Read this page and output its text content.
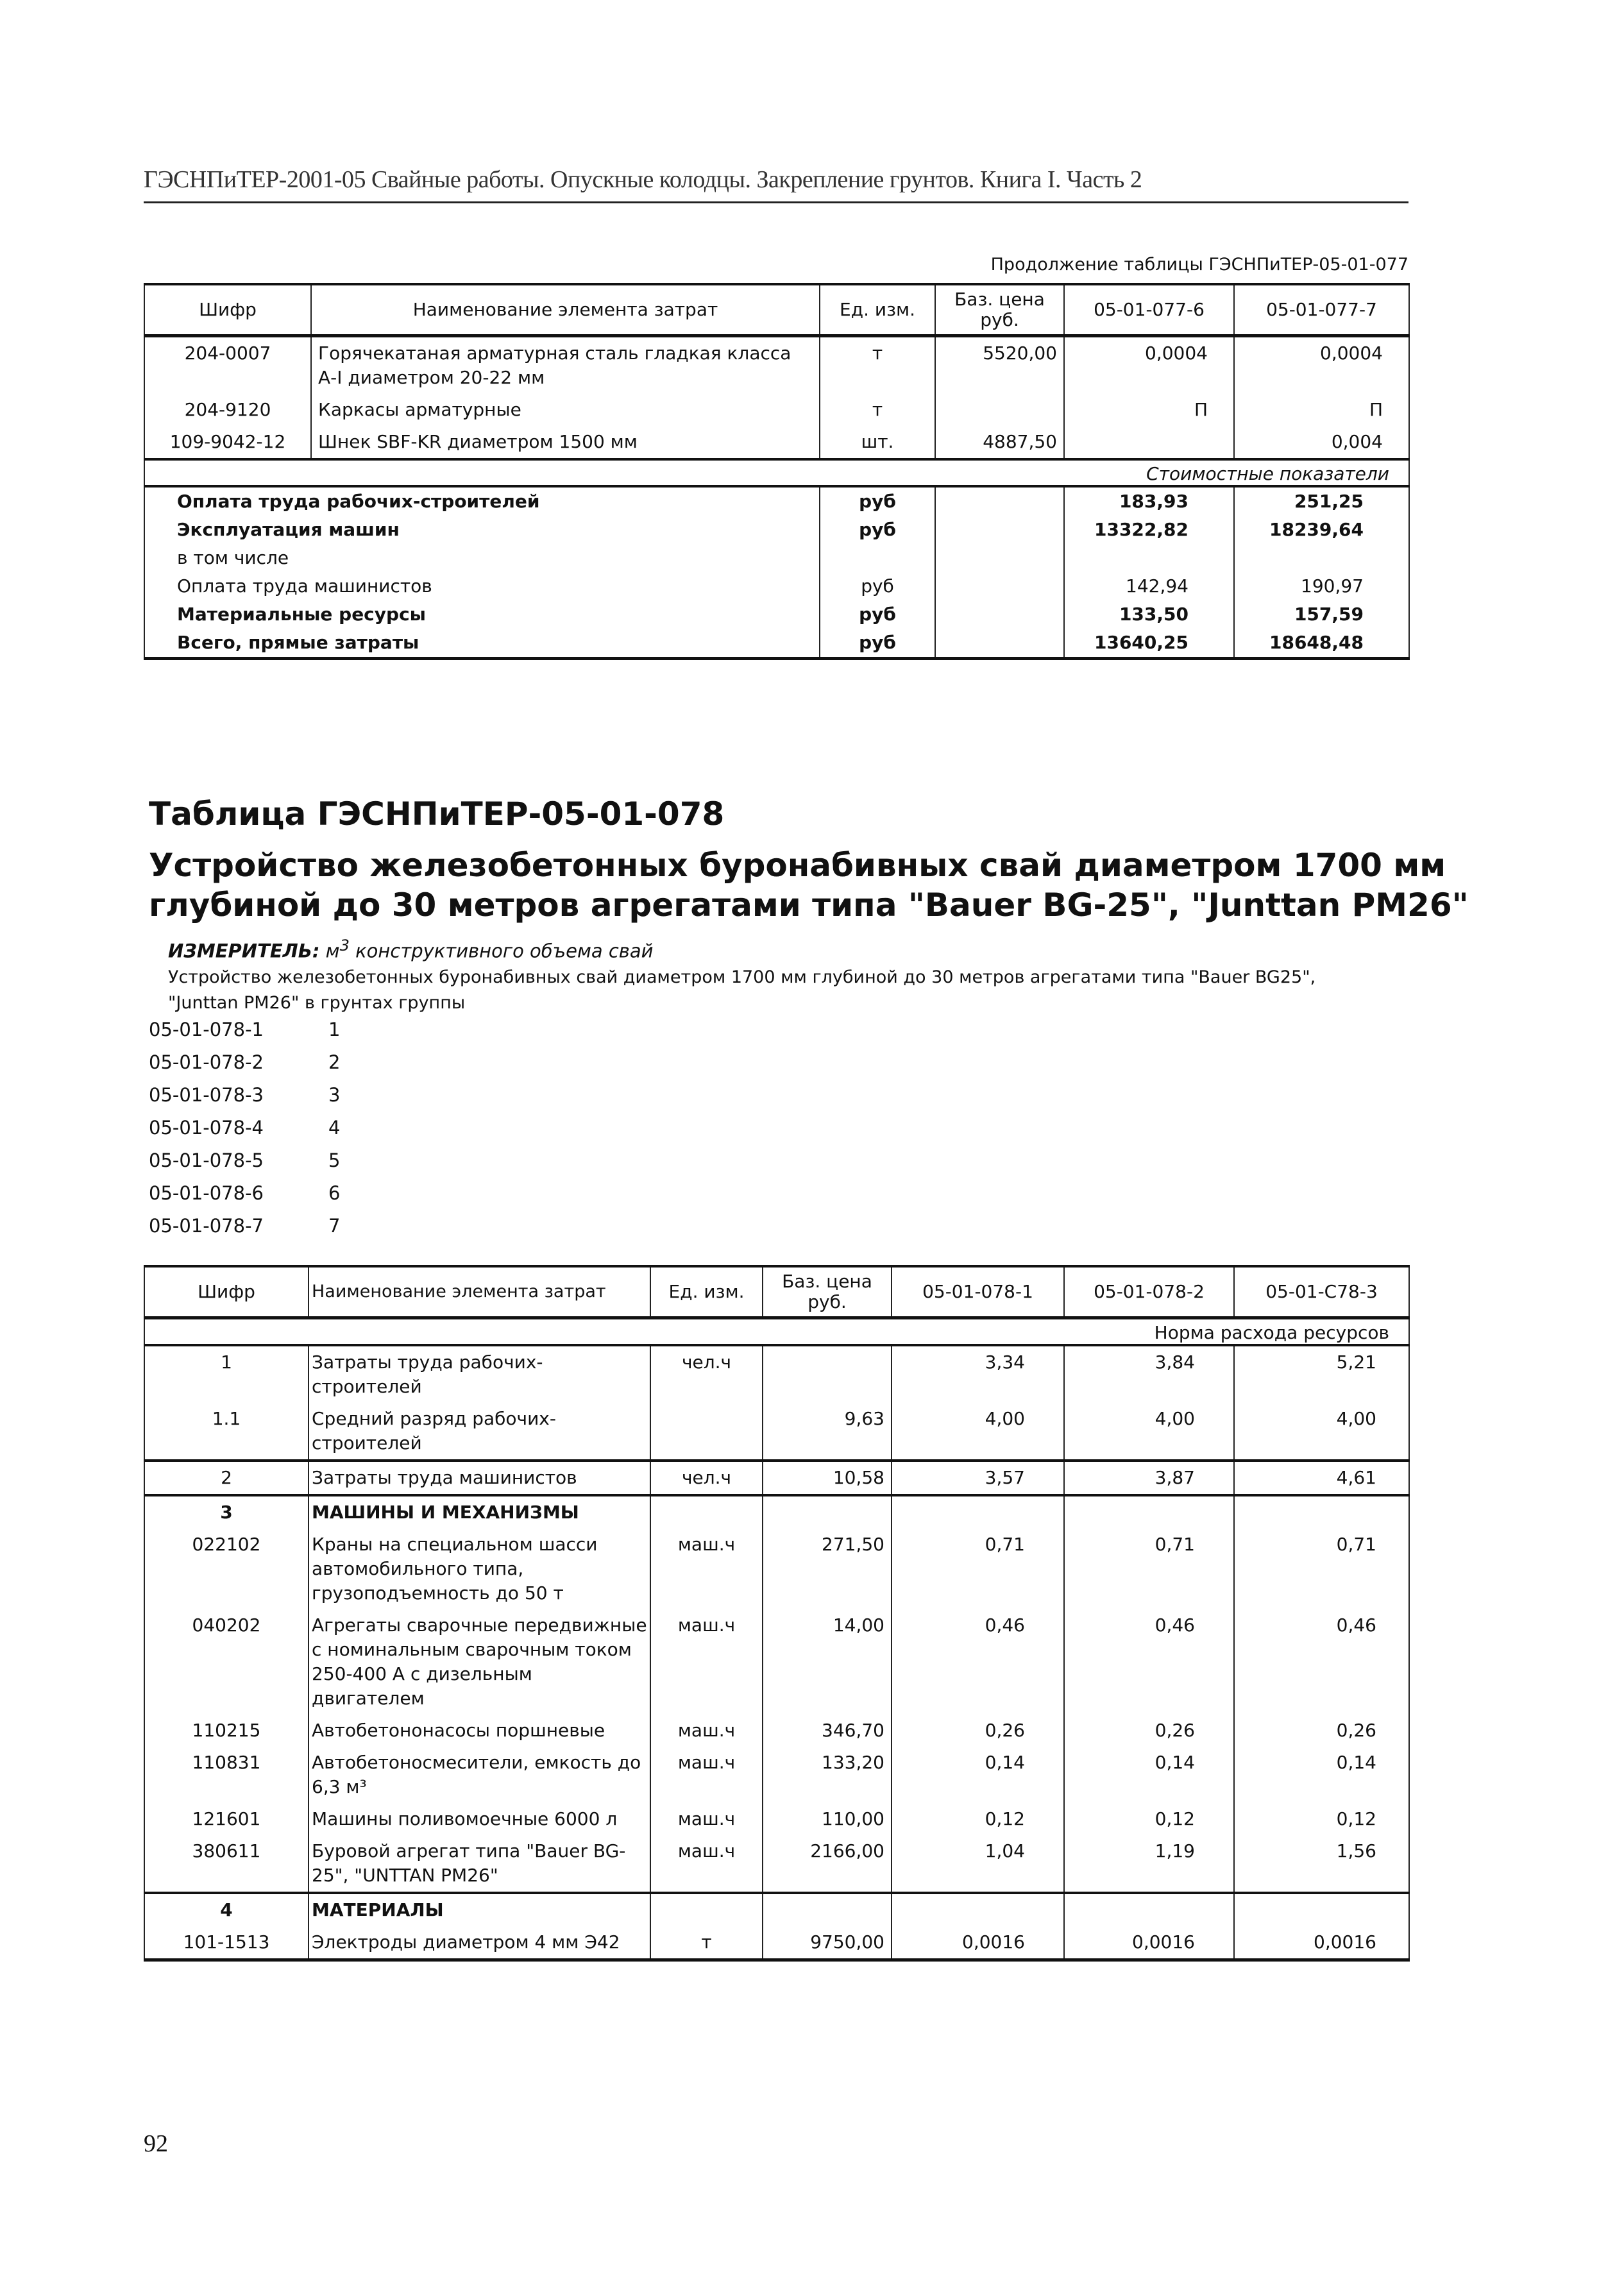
ГЭСНПиТЕР-2001-05 Свайные работы. Опускные колодцы. Закрепление грунтов. Книга I. Часть 2
Продолжение таблицы ГЭСНПиТЕР-05-01-077
Шифр	Наименование элемента затрат	Ед. изм.	Баз. цена руб.	05-01-077-6	05-01-077-7
204-0007	Горячекатаная арматурная сталь гладкая класса А-I диаметром 20-22 мм	т	5520,00	0,0004	0,0004
204-9120	Каркасы арматурные	т		П	П
109-9042-12	Шнек SBF-KR диаметром 1500 мм	шт.	4887,50		0,004
Стоимостные показатели					
Оплата труда рабочих-строителей		руб		183,93	251,25
Эксплуатация машин		руб		13322,82	18239,64
в том числе					
Оплата труда машинистов		руб		142,94	190,97
Материальные ресурсы		руб		133,50	157,59
Всего, прямые затраты		руб		13640,25	18648,48
Таблица ГЭСНПиТЕР-05-01-078
Устройство железобетонных буронабивных свай диаметром 1700 мм глубиной до 30 метров агрегатами типа "Bauer BG-25", "Junttan PM26"
ИЗМЕРИТЕЛЬ: $м^3$ конструктивного объема свай
Устройство железобетонных буронабивных свай диаметром 1700 мм глубиной до 30 метров агрегатами типа "Bauer BG25", "Junttan PM26" в грунтах группы
05-01-078-1	1
05-01-078-2	2
05-01-078-3	3
05-01-078-4	4
05-01-078-5	5
05-01-078-6	6
05-01-078-7	7
Шифр	Наименование элемента затрат	Ед. изм.	Баз. цена руб.	05-01-078-1	05-01-078-2	05-01-C78-3
Норма расхода ресурсов						
1	Затраты труда рабочих-строителей	чел.ч		3,34	3,84	5,21
1.1	Средний разряд рабочих-строителей		9,63	4,00	4,00	4,00
2	Затраты труда машинистов	чел.ч	10,58	3,57	3,87	4,61
3	МАШИНЫ И МЕХАНИЗМЫ					
022102	Краны на специальном шасси автомобильного типа, грузоподъемность до 50 т	маш.ч	271,50	0,71	0,71	0,71
040202	Агрегаты сварочные передвижные с номинальным сварочным током 250-400 А с дизельным двигателем	маш.ч	14,00	0,46	0,46	0,46
110215	Автобетононасосы поршневые	маш.ч	346,70	0,26	0,26	0,26
110831	Автобетоносмесители, емкость до 6,3 м³	маш.ч	133,20	0,14	0,14	0,14
121601	Машины поливомоечные 6000 л	маш.ч	110,00	0,12	0,12	0,12
380611	Буровой агрегат типа "Bauer BG-25", "UNTTAN PM26"	маш.ч	2166,00	1,04	1,19	1,56
4	МАТЕРИАЛЫ					
101-1513	Электроды диаметром 4 мм Э42	т	9750,00	0,0016	0,0016	0,0016
92
